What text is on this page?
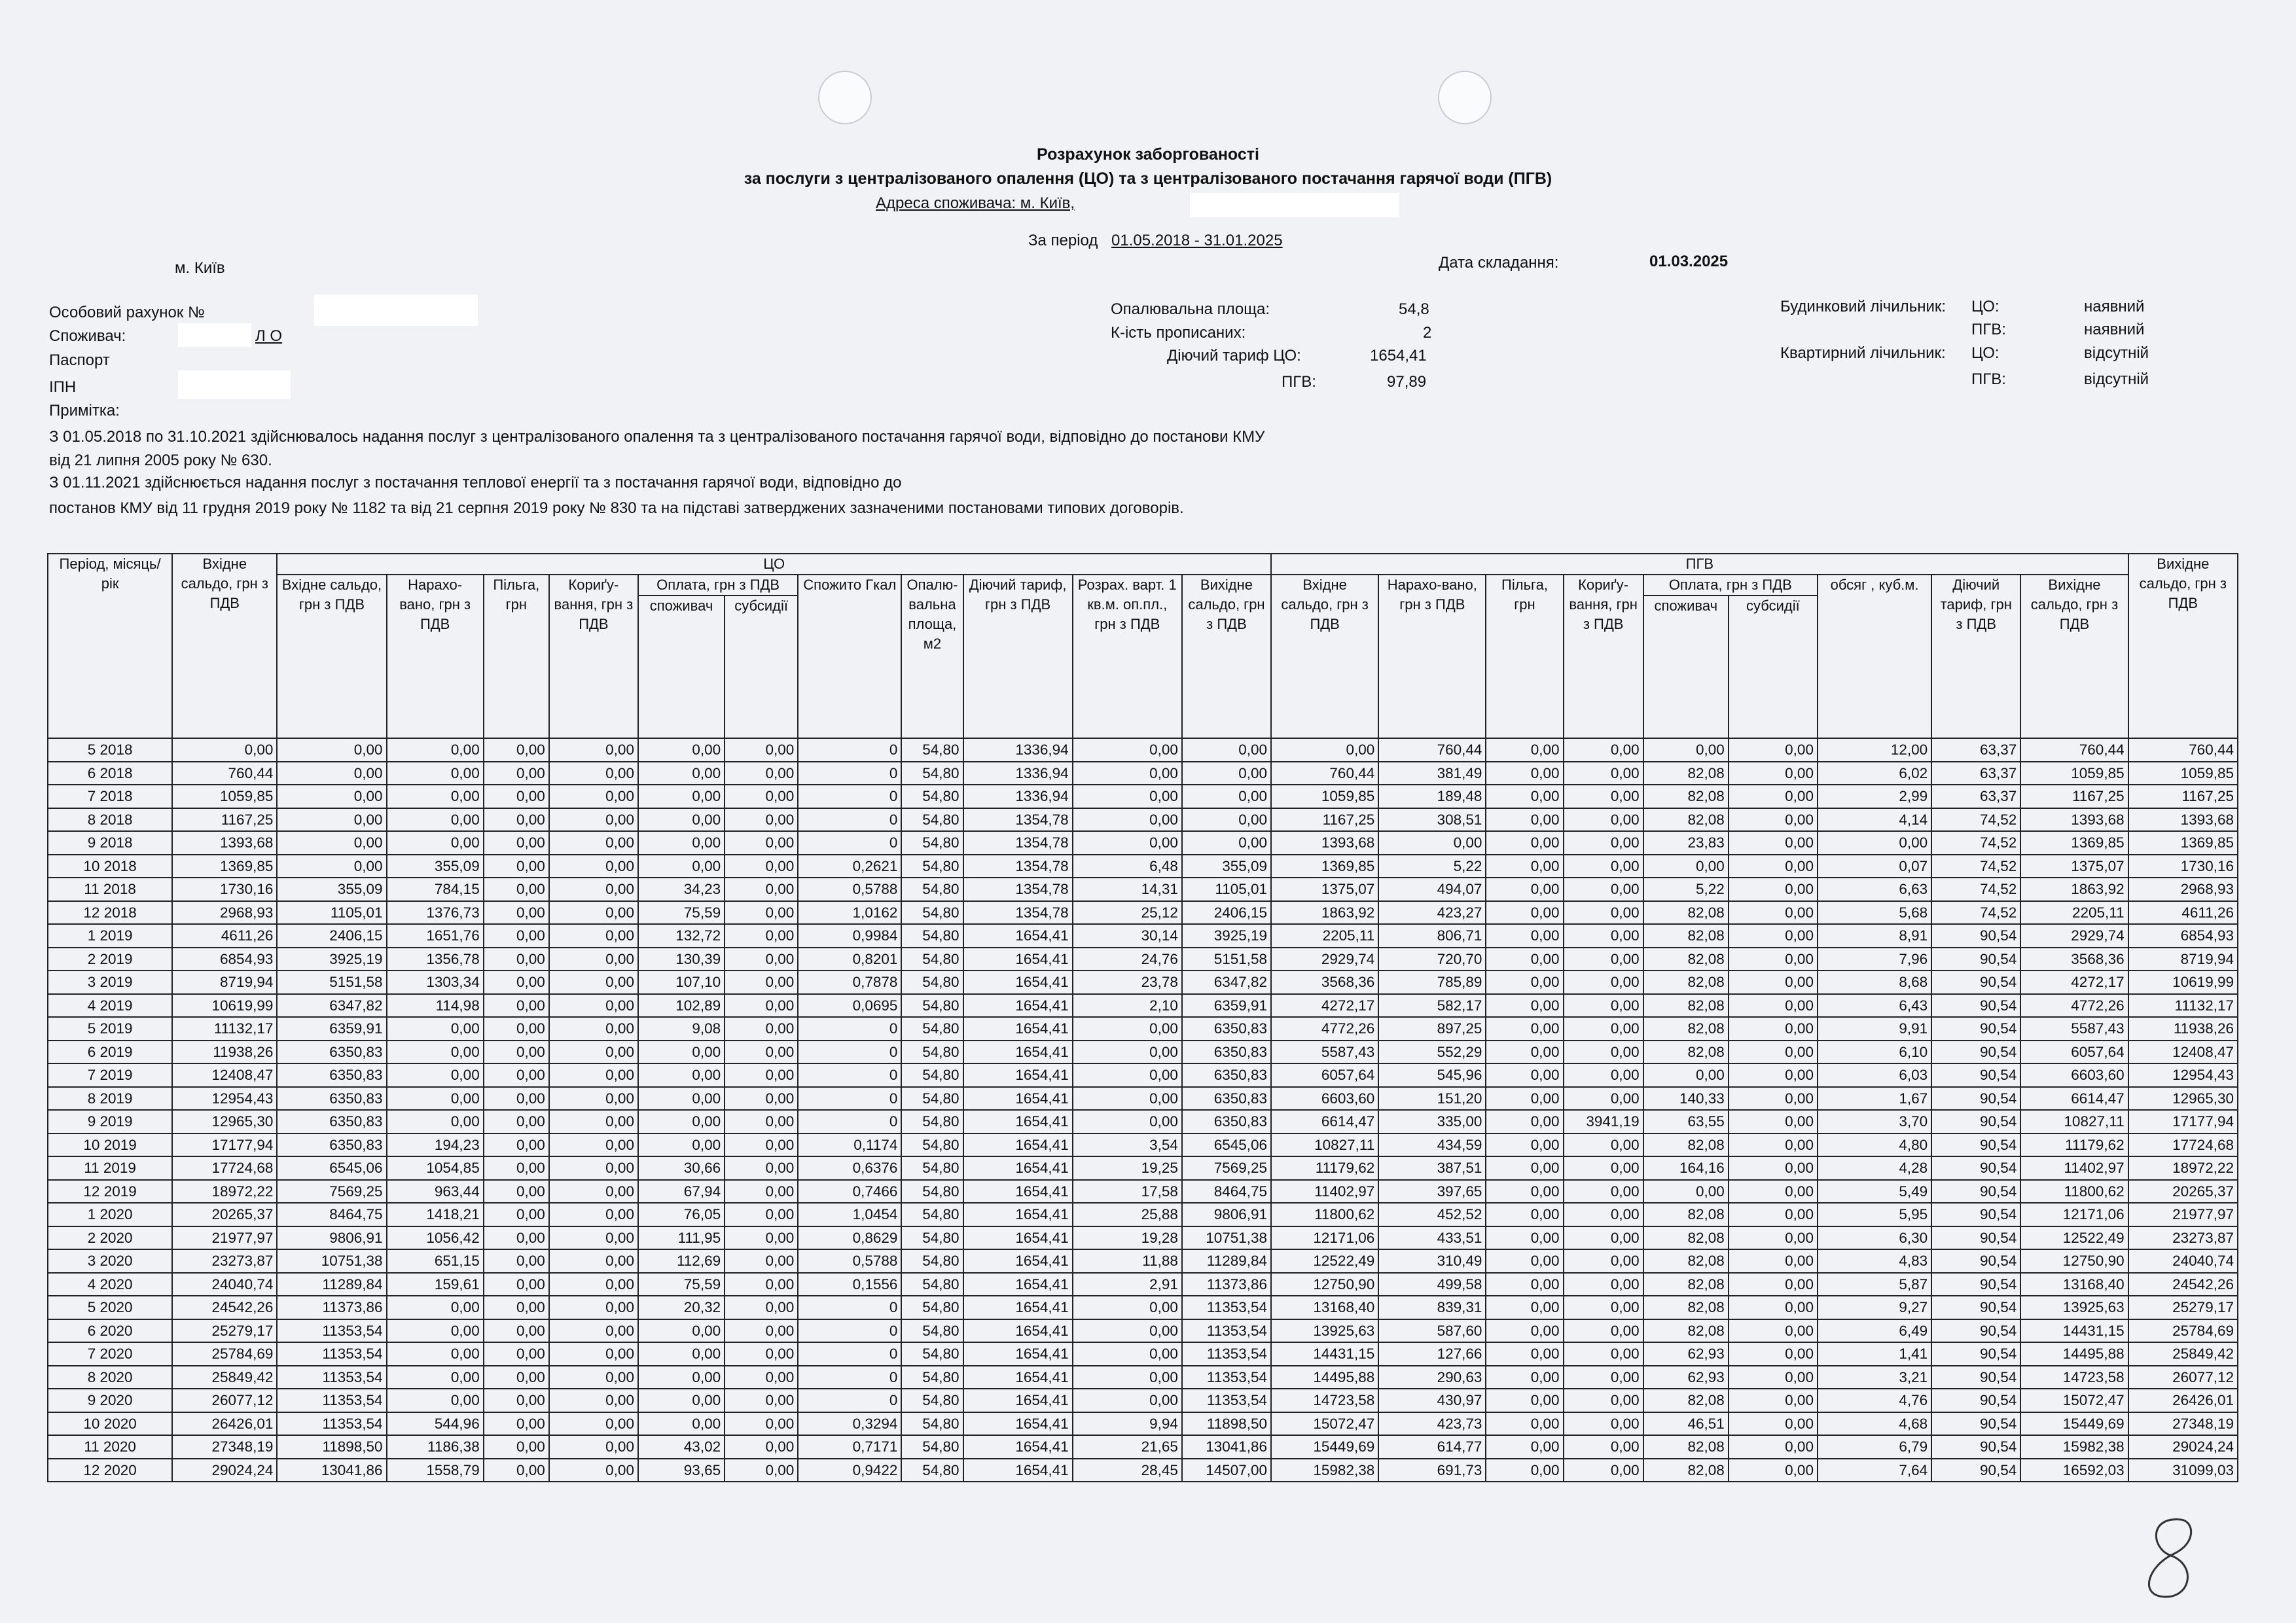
Розрахунок заборгованості
за послуги з централізованого опалення (ЦО) та з централізованого постачання гарячої води (ПГВ)
Адреса споживача: м. Київ,
За період 01.05.2018 - 31.01.2025
м. Київ	Дата складання:	01.03.2025
Особовий рахунок №
Споживач:	Л О
Паспорт
ІПН
Примітка:
Опалювальна площа:	54,8
К-ість прописаних:	2
Діючий тариф ЦО:	1654,41
ПГВ:	97,89
Будинковий лічильник: ЦО:	наявний
ПГВ:	наявний
Квартирний лічильник: ЦО:	відсутній
ПГВ:	відсутній
З 01.05.2018 по 31.10.2021 здійснювалось надання послуг з централізованого опалення та з централізованого постачання гарячої води, відповідно до постанови КМУ
від 21 липня 2005 року № 630.
З 01.11.2021 здійснюється надання послуг з постачання теплової енергії та з постачання гарячої води, відповідно до
постанов КМУ від 11 грудня 2019 року № 1182 та від 21 серпня 2019 року № 830 та на підставі затверджених зазначеними постановами типових договорів.
Період, місяць/рік	Вхідне сальдо, грн з ПДВ	ЦО											ПГВ									Вихідне сальдо, грн з ПДВ
		Вхідне сальдо, грн з ПДВ	Нарахо-вано, грн з ПДВ	Пільга, грн	Кориґу-вання, грн з ПДВ	Оплата, грн з ПДВ		Спожито Гкал	Опалю-вальна площа, м2	Діючий тариф, грн з ПДВ	Розрах. варт. 1 кв.м. оп.пл., грн з ПДВ	Вихідне сальдо, грн з ПДВ	Вхідне сальдо, грн з ПДВ	Нарахо-вано, грн з ПДВ	Пільга, грн	Кориґу-вання, грн з ПДВ	Оплата, грн з ПДВ		обсяг , куб.м.	Діючий тариф, грн з ПДВ	Вихідне сальдо, грн з ПДВ	
						споживач	субсидії										споживач	субсидії				
5 2018	0,00	0,00	0,00	0,00	0,00	0,00	0,00	0	54,80	1336,94	0,00	0,00	0,00	760,44	0,00	0,00	0,00	0,00	12,00	63,37	760,44	760,44
6 2018	760,44	0,00	0,00	0,00	0,00	0,00	0,00	0	54,80	1336,94	0,00	0,00	760,44	381,49	0,00	0,00	82,08	0,00	6,02	63,37	1059,85	1059,85
7 2018	1059,85	0,00	0,00	0,00	0,00	0,00	0,00	0	54,80	1336,94	0,00	0,00	1059,85	189,48	0,00	0,00	82,08	0,00	2,99	63,37	1167,25	1167,25
8 2018	1167,25	0,00	0,00	0,00	0,00	0,00	0,00	0	54,80	1354,78	0,00	0,00	1167,25	308,51	0,00	0,00	82,08	0,00	4,14	74,52	1393,68	1393,68
9 2018	1393,68	0,00	0,00	0,00	0,00	0,00	0,00	0	54,80	1354,78	0,00	0,00	1393,68	0,00	0,00	0,00	23,83	0,00	0,00	74,52	1369,85	1369,85
10 2018	1369,85	0,00	355,09	0,00	0,00	0,00	0,00	0,2621	54,80	1354,78	6,48	355,09	1369,85	5,22	0,00	0,00	0,00	0,00	0,07	74,52	1375,07	1730,16
11 2018	1730,16	355,09	784,15	0,00	0,00	34,23	0,00	0,5788	54,80	1354,78	14,31	1105,01	1375,07	494,07	0,00	0,00	5,22	0,00	6,63	74,52	1863,92	2968,93
12 2018	2968,93	1105,01	1376,73	0,00	0,00	75,59	0,00	1,0162	54,80	1354,78	25,12	2406,15	1863,92	423,27	0,00	0,00	82,08	0,00	5,68	74,52	2205,11	4611,26
1 2019	4611,26	2406,15	1651,76	0,00	0,00	132,72	0,00	0,9984	54,80	1654,41	30,14	3925,19	2205,11	806,71	0,00	0,00	82,08	0,00	8,91	90,54	2929,74	6854,93
2 2019	6854,93	3925,19	1356,78	0,00	0,00	130,39	0,00	0,8201	54,80	1654,41	24,76	5151,58	2929,74	720,70	0,00	0,00	82,08	0,00	7,96	90,54	3568,36	8719,94
3 2019	8719,94	5151,58	1303,34	0,00	0,00	107,10	0,00	0,7878	54,80	1654,41	23,78	6347,82	3568,36	785,89	0,00	0,00	82,08	0,00	8,68	90,54	4272,17	10619,99
4 2019	10619,99	6347,82	114,98	0,00	0,00	102,89	0,00	0,0695	54,80	1654,41	2,10	6359,91	4272,17	582,17	0,00	0,00	82,08	0,00	6,43	90,54	4772,26	11132,17
5 2019	11132,17	6359,91	0,00	0,00	0,00	9,08	0,00	0	54,80	1654,41	0,00	6350,83	4772,26	897,25	0,00	0,00	82,08	0,00	9,91	90,54	5587,43	11938,26
6 2019	11938,26	6350,83	0,00	0,00	0,00	0,00	0,00	0	54,80	1654,41	0,00	6350,83	5587,43	552,29	0,00	0,00	82,08	0,00	6,10	90,54	6057,64	12408,47
7 2019	12408,47	6350,83	0,00	0,00	0,00	0,00	0,00	0	54,80	1654,41	0,00	6350,83	6057,64	545,96	0,00	0,00	0,00	0,00	6,03	90,54	6603,60	12954,43
8 2019	12954,43	6350,83	0,00	0,00	0,00	0,00	0,00	0	54,80	1654,41	0,00	6350,83	6603,60	151,20	0,00	0,00	140,33	0,00	1,67	90,54	6614,47	12965,30
9 2019	12965,30	6350,83	0,00	0,00	0,00	0,00	0,00	0	54,80	1654,41	0,00	6350,83	6614,47	335,00	0,00	3941,19	63,55	0,00	3,70	90,54	10827,11	17177,94
10 2019	17177,94	6350,83	194,23	0,00	0,00	0,00	0,00	0,1174	54,80	1654,41	3,54	6545,06	10827,11	434,59	0,00	0,00	82,08	0,00	4,80	90,54	11179,62	17724,68
11 2019	17724,68	6545,06	1054,85	0,00	0,00	30,66	0,00	0,6376	54,80	1654,41	19,25	7569,25	11179,62	387,51	0,00	0,00	164,16	0,00	4,28	90,54	11402,97	18972,22
12 2019	18972,22	7569,25	963,44	0,00	0,00	67,94	0,00	0,7466	54,80	1654,41	17,58	8464,75	11402,97	397,65	0,00	0,00	0,00	0,00	5,49	90,54	11800,62	20265,37
1 2020	20265,37	8464,75	1418,21	0,00	0,00	76,05	0,00	1,0454	54,80	1654,41	25,88	9806,91	11800,62	452,52	0,00	0,00	82,08	0,00	5,95	90,54	12171,06	21977,97
2 2020	21977,97	9806,91	1056,42	0,00	0,00	111,95	0,00	0,8629	54,80	1654,41	19,28	10751,38	12171,06	433,51	0,00	0,00	82,08	0,00	6,30	90,54	12522,49	23273,87
3 2020	23273,87	10751,38	651,15	0,00	0,00	112,69	0,00	0,5788	54,80	1654,41	11,88	11289,84	12522,49	310,49	0,00	0,00	82,08	0,00	4,83	90,54	12750,90	24040,74
4 2020	24040,74	11289,84	159,61	0,00	0,00	75,59	0,00	0,1556	54,80	1654,41	2,91	11373,86	12750,90	499,58	0,00	0,00	82,08	0,00	5,87	90,54	13168,40	24542,26
5 2020	24542,26	11373,86	0,00	0,00	0,00	20,32	0,00	0	54,80	1654,41	0,00	11353,54	13168,40	839,31	0,00	0,00	82,08	0,00	9,27	90,54	13925,63	25279,17
6 2020	25279,17	11353,54	0,00	0,00	0,00	0,00	0,00	0	54,80	1654,41	0,00	11353,54	13925,63	587,60	0,00	0,00	82,08	0,00	6,49	90,54	14431,15	25784,69
7 2020	25784,69	11353,54	0,00	0,00	0,00	0,00	0,00	0	54,80	1654,41	0,00	11353,54	14431,15	127,66	0,00	0,00	62,93	0,00	1,41	90,54	14495,88	25849,42
8 2020	25849,42	11353,54	0,00	0,00	0,00	0,00	0,00	0	54,80	1654,41	0,00	11353,54	14495,88	290,63	0,00	0,00	62,93	0,00	3,21	90,54	14723,58	26077,12
9 2020	26077,12	11353,54	0,00	0,00	0,00	0,00	0,00	0	54,80	1654,41	0,00	11353,54	14723,58	430,97	0,00	0,00	82,08	0,00	4,76	90,54	15072,47	26426,01
10 2020	26426,01	11353,54	544,96	0,00	0,00	0,00	0,00	0,3294	54,80	1654,41	9,94	11898,50	15072,47	423,73	0,00	0,00	46,51	0,00	4,68	90,54	15449,69	27348,19
11 2020	27348,19	11898,50	1186,38	0,00	0,00	43,02	0,00	0,7171	54,80	1654,41	21,65	13041,86	15449,69	614,77	0,00	0,00	82,08	0,00	6,79	90,54	15982,38	29024,24
12 2020	29024,24	13041,86	1558,79	0,00	0,00	93,65	0,00	0,9422	54,80	1654,41	28,45	14507,00	15982,38	691,73	0,00	0,00	82,08	0,00	7,64	90,54	16592,03	31099,03
